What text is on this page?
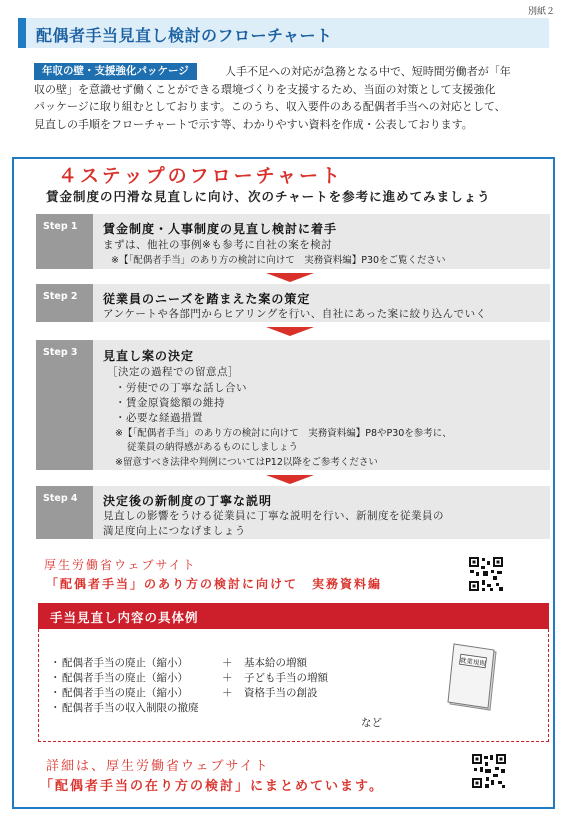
別紙２
配偶者手当見直し検討のフローチャート
人手不足への対応が急務となる中で、短時間労働者が「年
収の壁」を意識せず働くことができる環境づくりを支援するため、当面の対策として支援強化
パッケージに取り組むとしております。このうち、収入要件のある配偶者手当への対応として、
見直しの手順をフローチャートで示す等、わかりやすい資料を作成・公表しております。
年収の壁・支援強化パッケージ
４ステップのフローチャート
賃金制度の円滑な見直しに向け、次のチャートを参考に進めてみましょう
Step 1 賃金制度・人事制度の見直し検討に着手
まずは、他社の事例※も参考に自社の案を検討
※【「配偶者手当」のあり方の検討に向けて　実務資料編】P30をご覧ください
Step 2 従業員のニーズを踏まえた案の策定
アンケートや各部門からヒアリングを行い、自社にあった案に絞り込んでいく
Step 3 見直し案の決定
［決定の過程での留意点］
・労使での丁寧な話し合い
・賃金原資総額の維持
・必要な経過措置
※【「配偶者手当」のあり方の検討に向けて　実務資料編】P8やP30を参考に、
従業員の納得感があるものにしましょう
※留意すべき法律や判例についてはP12以降をご参考ください
Step 4 決定後の新制度の丁寧な説明
見直しの影響をうける従業員に丁寧な説明を行い、新制度を従業員の
満足度向上につなげましょう
厚生労働省ウェブサイト
「配偶者手当」のあり方の検討に向けて　実務資料編
手当見直し内容の具体例
・ 配偶者手当の廃止（縮小）	＋ 基本給の増額
・ 配偶者手当の廃止（縮小）	＋ 子ども手当の増額
・ 配偶者手当の廃止（縮小）	＋ 資格手当の創設
・ 配偶者手当の収入制限の撤廃
など
就業規則
詳細は、厚生労働省ウェブサイト
「配偶者手当の在り方の検討」にまとめています。
